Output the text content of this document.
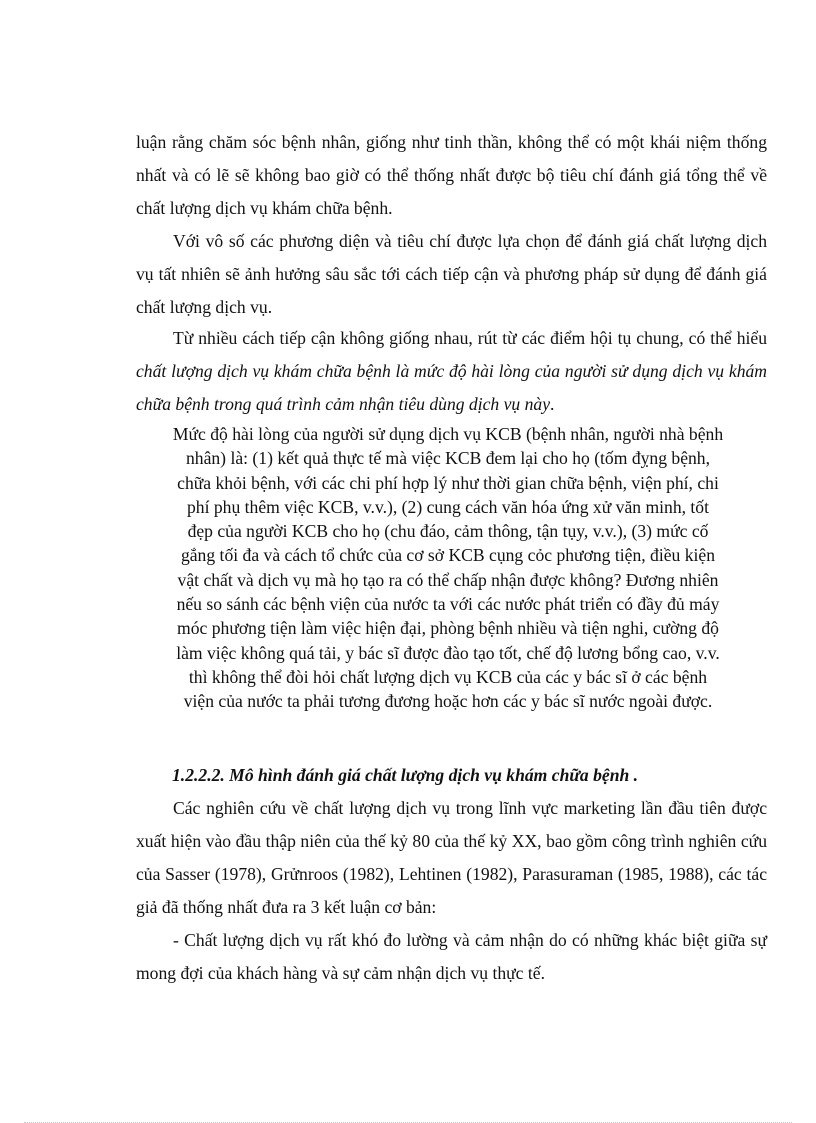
luận rằng chăm sóc bệnh nhân, giống như tinh thần, không thể có một khái niệm thống nhất và có lẽ sẽ không bao giờ có thể thống nhất được bộ tiêu chí đánh giá tổng thể về chất lượng dịch vụ khám chữa bệnh.

Với vô số các phương diện và tiêu chí được lựa chọn để đánh giá chất lượng dịch vụ tất nhiên sẽ ảnh hưởng sâu sắc tới cách tiếp cận và phương pháp sử dụng để đánh giá chất lượng dịch vụ.

Từ nhiều cách tiếp cận không giống nhau, rút từ các điểm hội tụ chung, có thể hiểu chất lượng dịch vụ khám chữa bệnh là mức độ hài lòng của người sử dụng dịch vụ khám chữa bệnh trong quá trình cảm nhận tiêu dùng dịch vụ này.

Mức độ hài lòng của người sử dụng dịch vụ KCB (bệnh nhân, người nhà bệnh
nhân) là: (1) kết quả thực tế mà việc KCB đem lại cho họ (tốm đỵng bệnh,
chữa khỏi bệnh, với các chi phí hợp lý như thời gian chữa bệnh, viện phí, chi
phí phụ thêm việc KCB, v.v.), (2) cung cách văn hóa ứng xử văn minh, tốt
đẹp của người KCB cho họ (chu đáo, cảm thông, tận tụy, v.v.), (3) mức cố
gắng tối đa và cách tổ chức của cơ sở KCB cụng cỏc phương tiện, điều kiện
vật chất và dịch vụ mà họ tạo ra có thể chấp nhận được không? Đương nhiên
nếu so sánh các bệnh viện của nước ta với các nước phát triển có đầy đủ máy
móc phương tiện làm việc hiện đại, phòng bệnh nhiều và tiện nghi, cường độ
làm việc không quá tải, y bác sĩ được đào tạo tốt, chế độ lương bổng cao, v.v.
thì không thể đòi hỏi chất lượng dịch vụ KCB của các y bác sĩ ở các bệnh
viện của nước ta phải tương đương hoặc hơn các y bác sĩ nước ngoài được.

1.2.2.2. Mô hình đánh giá chất lượng dịch vụ khám chữa bệnh .

Các nghiên cứu về chất lượng dịch vụ trong lĩnh vực marketing lần đầu tiên được xuất hiện vào đầu thập niên của thế kỷ 80 của thế kỷ XX, bao gồm công trình nghiên cứu của Sasser (1978), Grửnroos (1982), Lehtinen (1982), Parasuraman (1985, 1988), các tác giả đã thống nhất đưa ra 3 kết luận cơ bản:

- Chất lượng dịch vụ rất khó đo lường và cảm nhận do có những khác biệt giữa sự mong đợi của khách hàng và sự cảm nhận dịch vụ thực tế.
